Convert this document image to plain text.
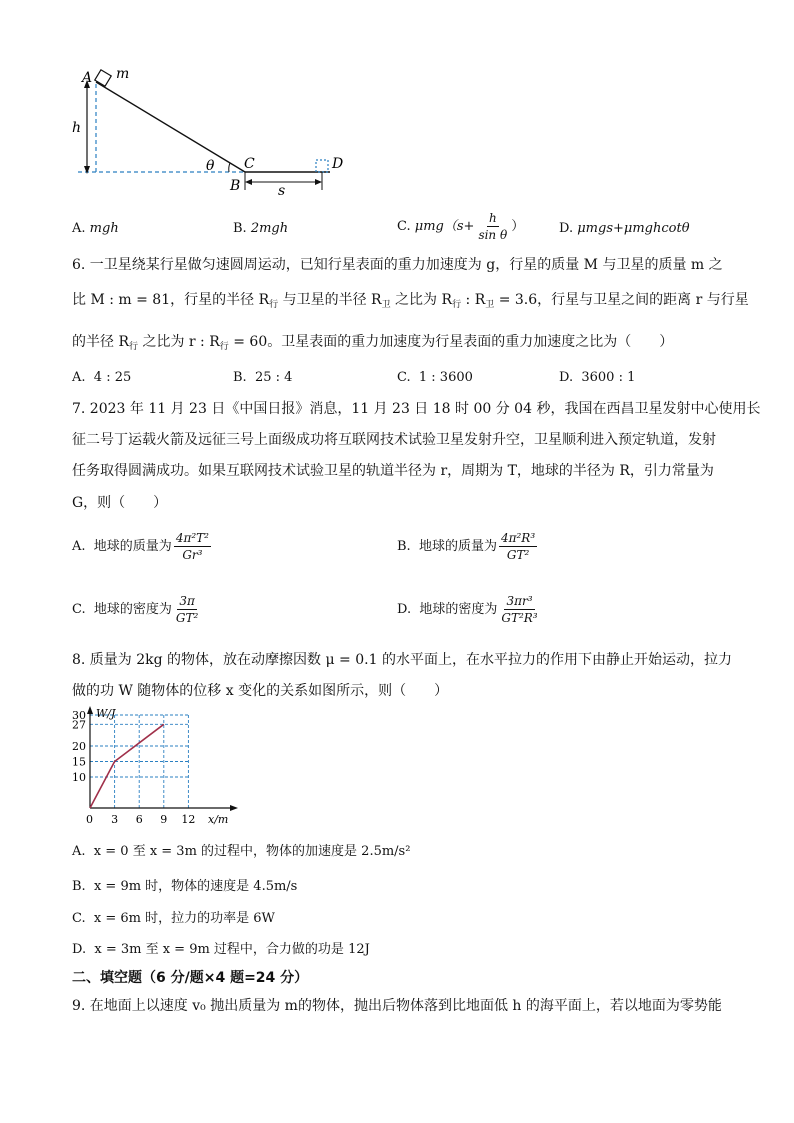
A m
h
θ C	D
B	s
A. mgh	B. 2mgh	C. $\mu mg(s+ \frac{h}{\text{sin θ}}$ ）	D. μmgs+μmghcotθ
6. 一卫星绕某行星做匀速圆周运动，已知行星表面的重力加速度为 g，行星的质量 M 与卫星的质量 m 之
比 M : m = 81，行星的半径 $R_行$ 与卫星的半径 $R_卫$ 之比为 $R_行$ : $R_卫 = 3.6$，行星与卫星之间的距离 r 与行星
的半径 $R_行$ 之比为 r : $R_行 = 60$。卫星表面的重力加速度为行星表面的重力加速度之比为（　　）
A. 4 : 25	B. 25 : 4	C. 1 : 3600	D. 3600 : 1
7. 2023 年 11 月 23 日《中国日报》消息，11 月 23 日 18 时 00 分 04 秒，我国在西昌卫星发射中心使用长
征二号丁运载火箭及远征三号上面级成功将互联网技术试验卫星发射升空，卫星顺利进入预定轨道，发射
任务取得圆满成功。如果互联网技术试验卫星的轨道半径为 r，周期为 T，地球的半径为 R，引力常量为
G，则（　　）
A. 地球的质量为 $\frac{\text{4π²T²}}{\text{Gr³}}$	B. 地球的质量为 $\frac{\text{4π²R³}}{\text{GT²}}$
C. 地球的密度为 $\frac{3\pi}{\text{GT²}}$	D. 地球的密度为 $\frac{\text{3πr³}}{\text{GT²R³}}$
8. 质量为 2kg 的物体，放在动摩擦因数 μ = 0.1 的水平面上，在水平拉力的作用下由静止开始运动，拉力
做的功 W 随物体的位移 x 变化的关系如图所示，则（　　）
10
15
20
27
30
3 6 9 12
W/J
x/m
0
A. x = 0 至 x = 3m 的过程中，物体的加速度是 2.5m/s²
B. x = 9m 时，物体的速度是 4.5m/s
C. x = 6m 时，拉力的功率是 6W
D. x = 3m 至 x = 9m 过程中，合力做的功是 12J
二、填空题（6 分/题×4 题=24 分）
9. 在地面上以速度 v₀ 抛出质量为 m的物体，抛出后物体落到比地面低 h 的海平面上，若以地面为零势能
